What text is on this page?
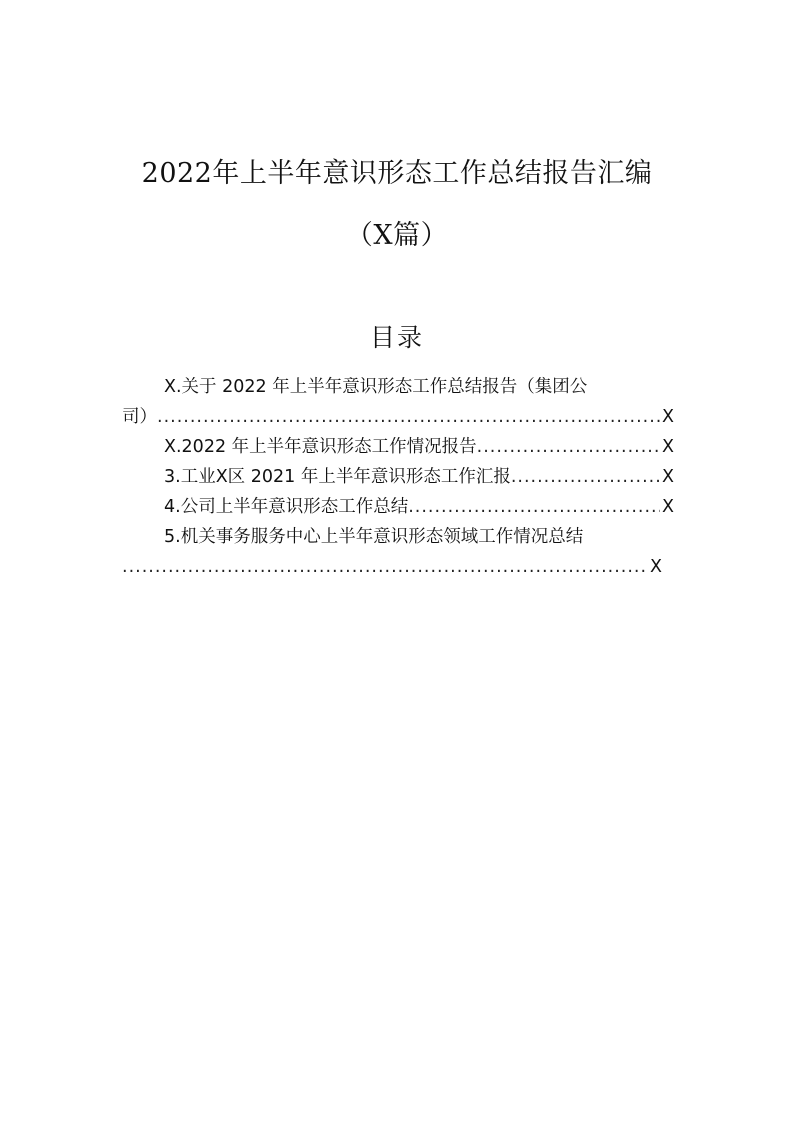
2022年上半年意识形态工作总结报告汇编
（X篇）
目录
X.关于 2022 年上半年意识形态工作总结报告（集团公
司） .....	X
X.2022 年上半年意识形态工作情况报告 .....	X
3.工业X区 2021 年上半年意识形态工作汇报 .....	X
4.公司上半年意识形态工作总结 .....	X
5.机关事务服务中心上半年意识形态领域工作情况总结
.....
X
